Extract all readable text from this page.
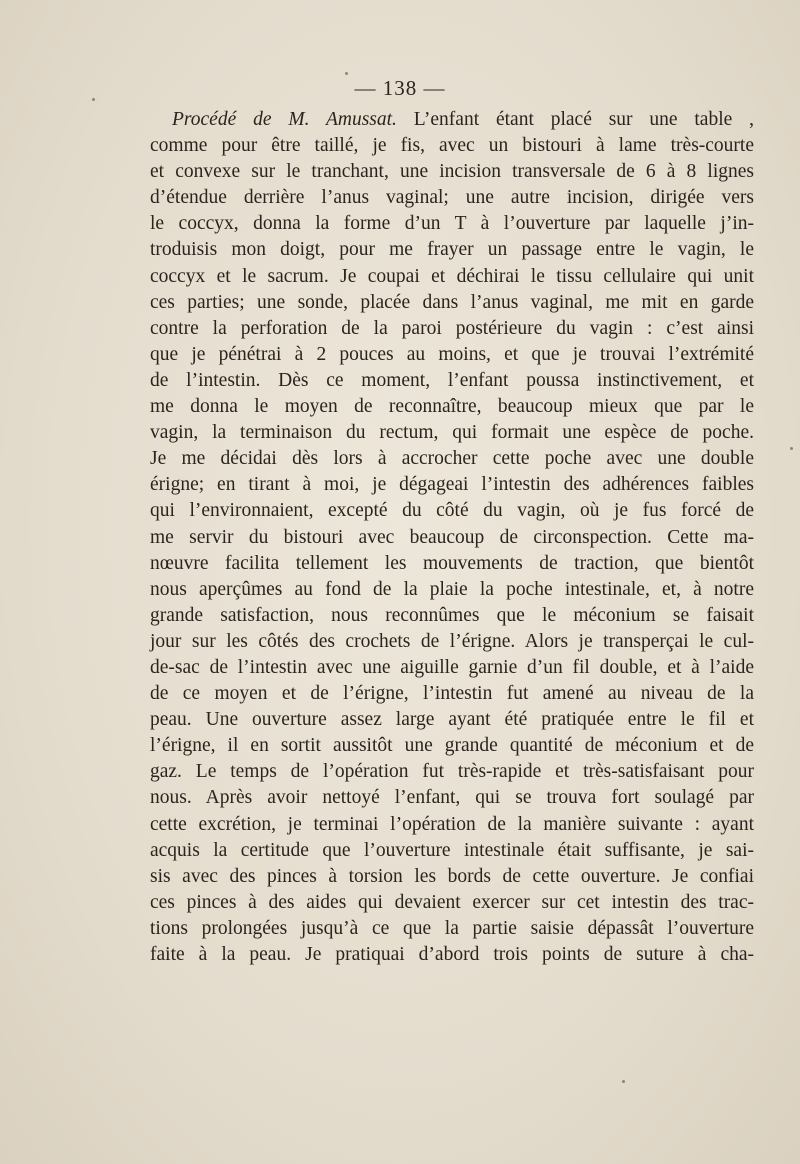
— 138 —
Procédé de M. Amussat. L’enfant étant placé sur une table ,
comme pour être taillé, je fis, avec un bistouri à lame très-courte
et convexe sur le tranchant, une incision transversale de 6 à 8 lignes
d’étendue derrière l’anus vaginal; une autre incision, dirigée vers
le coccyx, donna la forme d’un T à l’ouverture par laquelle j’in-
troduisis mon doigt, pour me frayer un passage entre le vagin, le
coccyx et le sacrum. Je coupai et déchirai le tissu cellulaire qui unit
ces parties; une sonde, placée dans l’anus vaginal, me mit en garde
contre la perforation de la paroi postérieure du vagin : c’est ainsi
que je pénétrai à 2 pouces au moins, et que je trouvai l’extrémité
de l’intestin. Dès ce moment, l’enfant poussa instinctivement, et
me donna le moyen de reconnaître, beaucoup mieux que par le
vagin, la terminaison du rectum, qui formait une espèce de poche.
Je me décidai dès lors à accrocher cette poche avec une double
érigne; en tirant à moi, je dégageai l’intestin des adhérences faibles
qui l’environnaient, excepté du côté du vagin, où je fus forcé de
me servir du bistouri avec beaucoup de circonspection. Cette ma-
nœuvre facilita tellement les mouvements de traction, que bientôt
nous aperçûmes au fond de la plaie la poche intestinale, et, à notre
grande satisfaction, nous reconnûmes que le méconium se faisait
jour sur les côtés des crochets de l’érigne. Alors je transperçai le cul-
de-sac de l’intestin avec une aiguille garnie d’un fil double, et à l’aide
de ce moyen et de l’érigne, l’intestin fut amené au niveau de la
peau. Une ouverture assez large ayant été pratiquée entre le fil et
l’érigne, il en sortit aussitôt une grande quantité de méconium et de
gaz. Le temps de l’opération fut très-rapide et très-satisfaisant pour
nous. Après avoir nettoyé l’enfant, qui se trouva fort soulagé par
cette excrétion, je terminai l’opération de la manière suivante : ayant
acquis la certitude que l’ouverture intestinale était suffisante, je sai-
sis avec des pinces à torsion les bords de cette ouverture. Je confiai
ces pinces à des aides qui devaient exercer sur cet intestin des trac-
tions prolongées jusqu’à ce que la partie saisie dépassât l’ouverture
faite à la peau. Je pratiquai d’abord trois points de suture à cha-
